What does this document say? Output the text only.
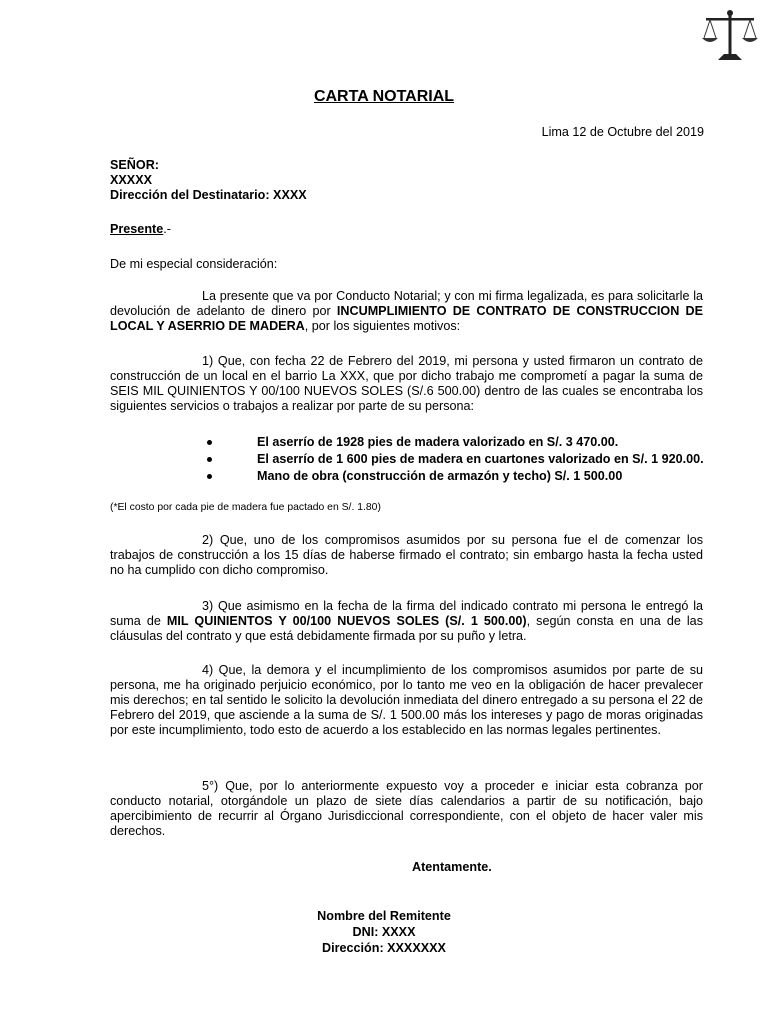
CARTA NOTARIAL
Lima 12 de Octubre del 2019
SEÑOR:
XXXXX
Dirección del Destinatario: XXXX
Presente.-
De mi especial consideración:
La presente que va por Conducto Notarial; y con mi firma legalizada, es para solicitarle la devolución de adelanto de dinero por INCUMPLIMIENTO DE CONTRATO DE CONSTRUCCION DE LOCAL Y ASERRIO DE MADERA, por los siguientes motivos:
1) Que, con fecha 22 de Febrero del 2019, mi persona y usted firmaron un contrato de construcción de un local en el barrio La XXX, que por dicho trabajo me comprometí a pagar la suma de SEIS MIL QUINIENTOS Y 00/100 NUEVOS SOLES (S/.6 500.00) dentro de las cuales se encontraba los siguientes servicios o trabajos a realizar por parte de su persona:
El aserrío de 1928 pies de madera valorizado en S/. 3 470.00.
El aserrío de 1 600 pies de madera en cuartones valorizado en S/. 1 920.00.
Mano de obra (construcción de armazón y techo) S/. 1 500.00
(*El costo por cada pie de madera fue pactado en S/. 1.80)
2) Que, uno de los compromisos asumidos por su persona fue el de comenzar los trabajos de construcción a los 15 días de haberse firmado el contrato; sin embargo hasta la fecha usted no ha cumplido con dicho compromiso.
3) Que asimismo en la fecha de la firma del indicado contrato mi persona le entregó la suma de MIL QUINIENTOS Y 00/100 NUEVOS SOLES (S/. 1 500.00), según consta en una de las cláusulas del contrato y que está debidamente firmada por su puño y letra.
4) Que, la demora y el incumplimiento de los compromisos asumidos por parte de su persona, me ha originado perjuicio económico, por lo tanto me veo en la obligación de hacer prevalecer mis derechos; en tal sentido le solicito la devolución inmediata del dinero entregado a su persona el 22 de Febrero del 2019, que asciende a la suma de S/. 1 500.00 más los intereses y pago de moras originadas por este incumplimiento, todo esto de acuerdo a los establecido en las normas legales pertinentes.
5°) Que, por lo anteriormente expuesto voy a proceder e iniciar esta cobranza por conducto notarial, otorgándole un plazo de siete días calendarios a partir de su notificación, bajo apercibimiento de recurrir al Órgano Jurisdiccional correspondiente, con el objeto de hacer valer mis derechos.
Atentamente.
Nombre del Remitente
DNI: XXXX
Dirección: XXXXXXX
